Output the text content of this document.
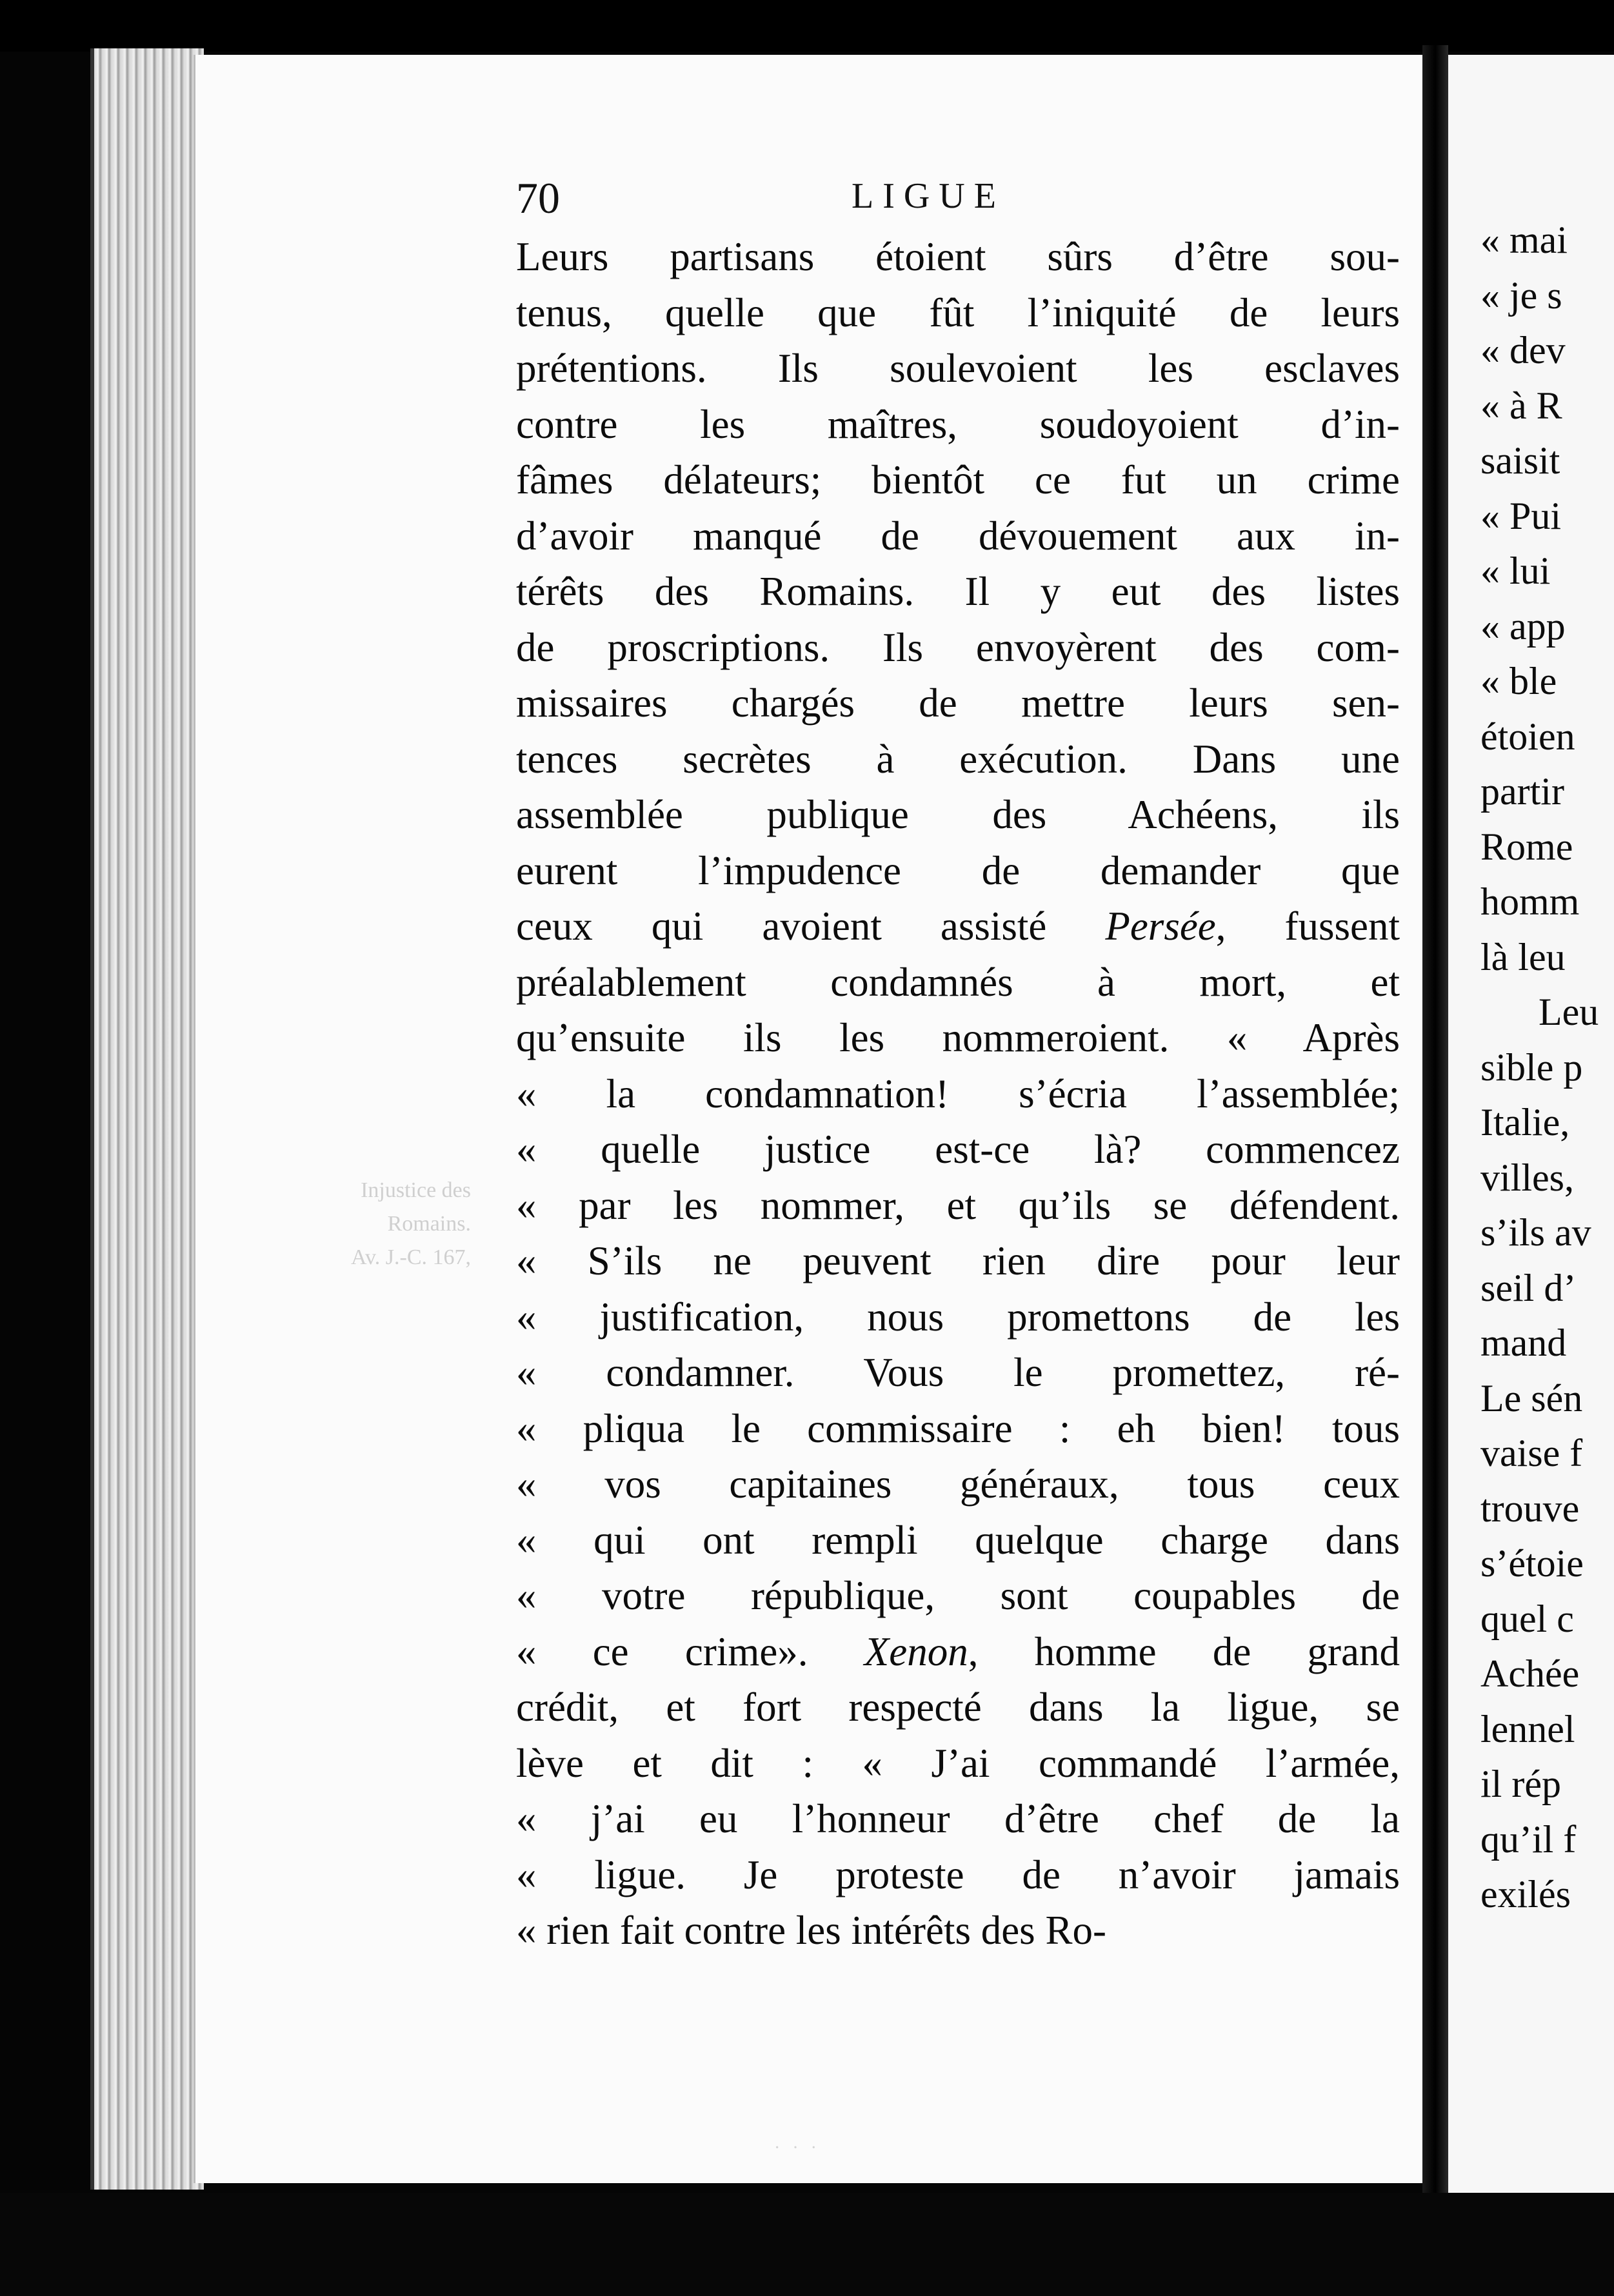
70	LIGUE
Injustice des
Romains.
Av. J.-C. 167,
Leurs partisans étoient sûrs d’être sou-
tenus, quelle que fût l’iniquité de leurs
prétentions. Ils soulevoient les esclaves
contre les maîtres, soudoyoient d’in-
fâmes délateurs; bientôt ce fut un crime
d’avoir manqué de dévouement aux in-
térêts des Romains. Il y eut des listes
de proscriptions. Ils envoyèrent des com-
missaires chargés de mettre leurs sen-
tences secrètes à exécution. Dans une
assemblée publique des Achéens, ils
eurent l’impudence de demander que
ceux qui avoient assisté Persée, fussent
préalablement condamnés à mort, et
qu’ensuite ils les nommeroient. « Après
« la condamnation! s’écria l’assemblée;
« quelle justice est-ce là? commencez
« par les nommer, et qu’ils se défendent.
« S’ils ne peuvent rien dire pour leur
« justification, nous promettons de les
« condamner. Vous le promettez, ré-
« pliqua le commissaire : eh bien! tous
« vos capitaines généraux, tous ceux
« qui ont rempli quelque charge dans
« votre république, sont coupables de
« ce crime». Xenon, homme de grand
crédit, et fort respecté dans la ligue, se
lève et dit : « J’ai commandé l’armée,
« j’ai eu l’honneur d’être chef de la
« ligue. Je proteste de n’avoir jamais
« rien fait contre les intérêts des Ro-
· · ·
« mai
« je s
« dev
« à R
saisit
« Pui
« lui
« app
« ble
étoien
partir
Rome
homm
là leu
Leu
sible p
Italie,
villes,
s’ils av
seil d’
mand
Le sén
vaise f
trouve
s’étoie
quel c
Achée
lennel
il rép
qu’il f
exilés
